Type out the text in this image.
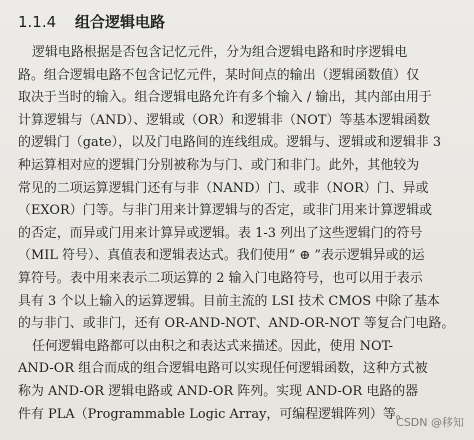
1.1.4 组合逻辑电路
逻辑电路根据是否包含记忆元件，分为组合逻辑电路和时序逻辑电
路。组合逻辑电路不包含记忆元件，某时间点的输出（逻辑函数值）仅
取决于当时的输入。组合逻辑电路允许有多个输入 / 输出，其内部由用于
计算逻辑与（AND）、逻辑或（OR）和逻辑非（NOT）等基本逻辑函数
的逻辑门（gate），以及门电路间的连线组成。逻辑与、逻辑或和逻辑非 3
种运算相对应的逻辑门分别被称为与门、或门和非门。此外，其他较为
常见的二项运算逻辑门还有与非（NAND）门、或非（NOR）门、异或
（EXOR）门等。与非门用来计算逻辑与的否定，或非门用来计算逻辑或
的否定，而异或门用来计算异或逻辑。表 1-3 列出了这些逻辑门的符号
（MIL 符号）、真值表和逻辑表达式。我们使用“ ⊕ ”表示逻辑异或的运
算符号。表中用来表示二项运算的 2 输入门电路符号，也可以用于表示
具有 3 个以上输入的运算逻辑。目前主流的 LSI 技术 CMOS 中除了基本
的与非门、或非门，还有 OR-AND-NOT、AND-OR-NOT 等复合门电路。
任何逻辑电路都可以由积之和表达式来描述。因此，使用 NOT-
AND-OR 组合而成的组合逻辑电路可以实现任何逻辑函数，这种方式被
称为 AND-OR 逻辑电路或 AND-OR 阵列。实现 AND-OR 电路的器
件有 PLA（Programmable Logic Array，可编程逻辑阵列）等。
CSDN @移知
